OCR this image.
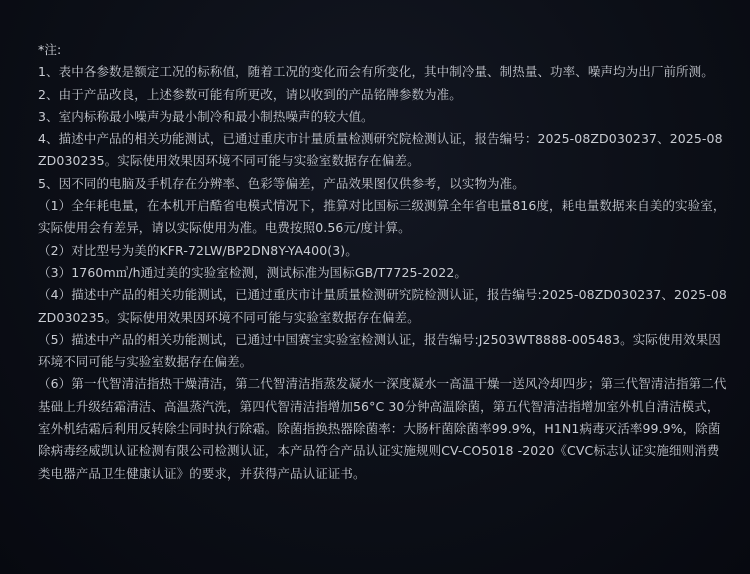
*注:

1、表中各参数是额定工况的标称值，随着工况的变化而会有所变化，其中制冷量、制热量、功率、噪声均为出厂前所测。

2、由于产品改良，上述参数可能有所更改，请以收到的产品铭牌参数为准。

3、室内标称最小噪声为最小制冷和最小制热噪声的较大值。

4、描述中产品的相关功能测试，已通过重庆市计量质量检测研究院检测认证，报告编号：2025-08ZD030237、2025-08ZD030235。实际使用效果因环境不同可能与实验室数据存在偏差。

5、因不同的电脑及手机存在分辨率、色彩等偏差，产品效果图仅供参考，以实物为准。

（1）全年耗电量，在本机开启酷省电模式情况下，推算对比国标三级测算全年省电量816度，耗电量数据来自美的实验室，实际使用会有差异，请以实际使用为准。电费按照0.56元/度计算。

（2）对比型号为美的KFR-72LW/BP2DN8Y-YA400(3)。

（3）1760m㎥/h通过美的实验室检测，测试标准为国标GB/T7725-2022。

（4）描述中产品的相关功能测试，已通过重庆市计量质量检测研究院检测认证，报告编号:2025-08ZD030237、2025-08ZD030235。实际使用效果因环境不同可能与实验室数据存在偏差。

（5）描述中产品的相关功能测试，已通过中国赛宝实验室检测认证，报告编号:J2503WT8888-005483。实际使用效果因环境不同可能与实验室数据存在偏差。

（6）第一代智清洁指热干燥清洁，第二代智清洁指蒸发凝水一深度凝水一高温干燥一送风冷却四步；第三代智清洁指第二代基础上升级结霜清洁、高温蒸汽洗，第四代智清洁指增加56°C 30分钟高温除菌，第五代智清洁指增加室外机自清洁模式，室外机结霜后利用反转除尘同时执行除霜。除菌指换热器除菌率：大肠杆菌除菌率99.9%，H1N1病毒灭活率99.9%，除菌除病毒经威凯认证检测有限公司检测认证，本产品符合产品认证实施规则CV-CO5018 -2020《CVC标志认证实施细则消费类电器产品卫生健康认证》的要求，并获得产品认证证书。
